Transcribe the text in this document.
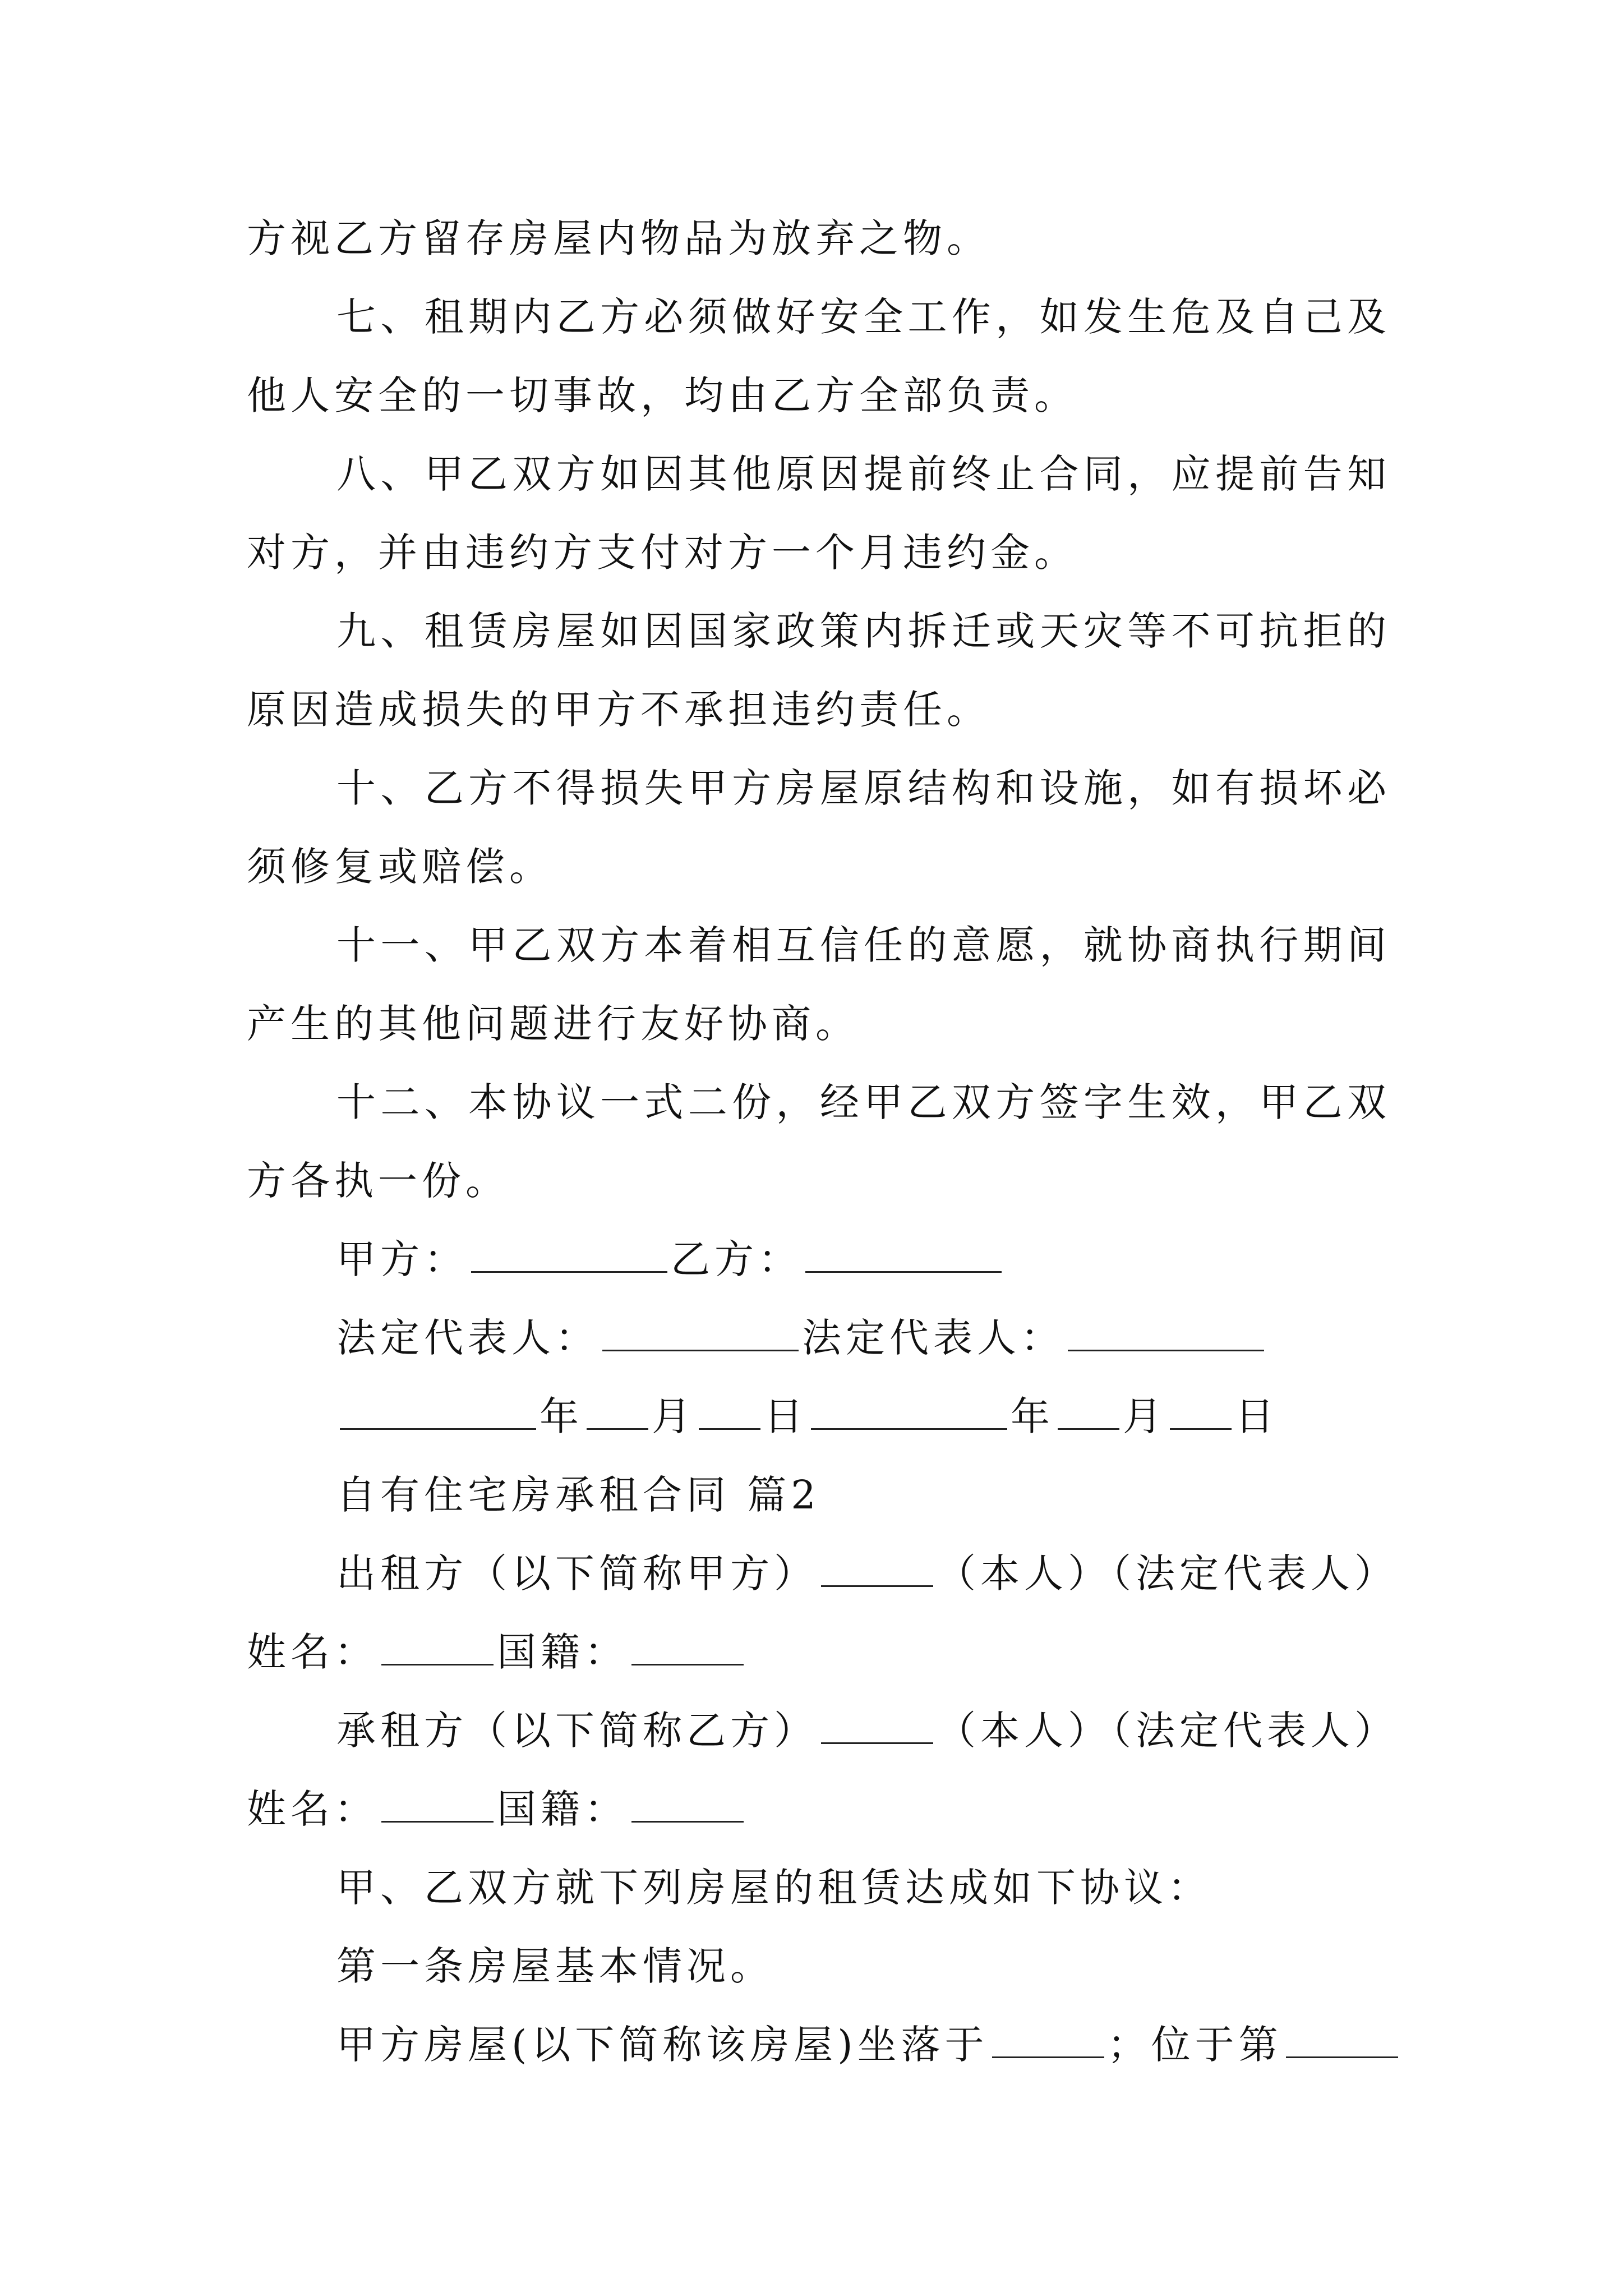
方视乙方留存房屋内物品为放弃之物。
七、租期内乙方必须做好安全工作，如发生危及自己及
他人安全的一切事故，均由乙方全部负责。
八、甲乙双方如因其他原因提前终止合同，应提前告知
对方，并由违约方支付对方一个月违约金。
九、租赁房屋如因国家政策内拆迁或天灾等不可抗拒的
原因造成损失的甲方不承担违约责任。
十、乙方不得损失甲方房屋原结构和设施，如有损坏必
须修复或赔偿。
十一、甲乙双方本着相互信任的意愿，就协商执行期间
产生的其他问题进行友好协商。
十二、本协议一式二份，经甲乙双方签字生效，甲乙双
方各执一份。
甲方：	乙方：
法定代表人：	法定代表人：
年 月 日	年 月 日
自有住宅房承租合同 篇2
出租方（以下简称甲方）	（本人）（法定代表人）
姓名：	国籍：
承租方（以下简称乙方）	（本人）（法定代表人）
姓名：	国籍：
甲、乙双方就下列房屋的租赁达成如下协议：
第一条房屋基本情况。
甲方房屋(以下简称该房屋)坐落于	；位于第
